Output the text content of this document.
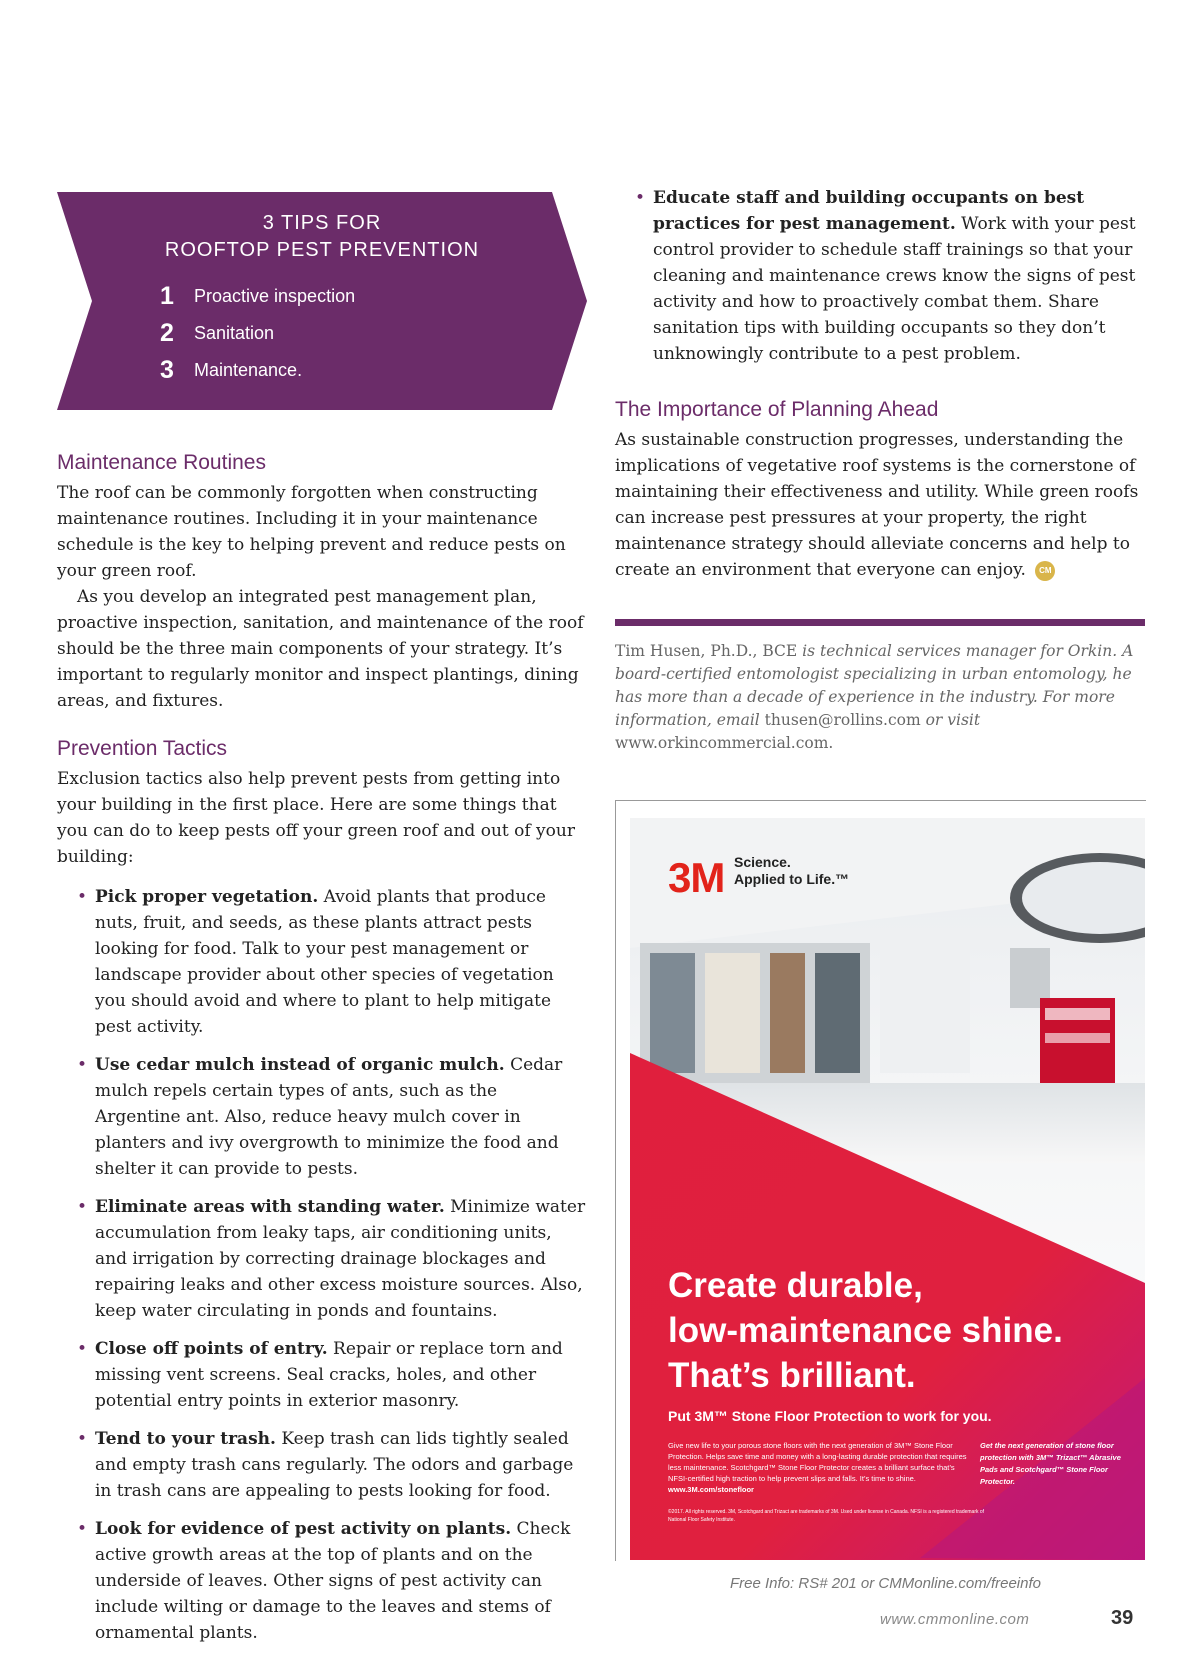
3 TIPS FOR
ROOFTOP PEST PREVENTION
1	Proactive inspection
2	Sanitation
3	Maintenance.
Maintenance Routines

The roof can be commonly forgotten when constructing maintenance routines. Including it in your maintenance schedule is the key to helping prevent and reduce pests on your green roof.

As you develop an integrated pest management plan, proactive inspection, sanitation, and maintenance of the roof should be the three main components of your strategy. It’s important to regularly monitor and inspect plantings, dining areas, and fixtures.

Prevention Tactics

Exclusion tactics also help prevent pests from getting into your building in the first place. Here are some things that you can do to keep pests off your green roof and out of your building:

• Pick proper vegetation. Avoid plants that produce nuts, fruit, and seeds, as these plants attract pests looking for food. Talk to your pest management or landscape provider about other species of vegetation you should avoid and where to plant to help mitigate pest activity.
• Use cedar mulch instead of organic mulch. Cedar mulch repels certain types of ants, such as the Argentine ant. Also, reduce heavy mulch cover in planters and ivy overgrowth to minimize the food and shelter it can provide to pests.
• Eliminate areas with standing water. Minimize water accumulation from leaky taps, air conditioning units, and irrigation by correcting drainage blockages and repairing leaks and other excess moisture sources. Also, keep water circulating in ponds and fountains.
• Close off points of entry. Repair or replace torn and missing vent screens. Seal cracks, holes, and other potential entry points in exterior masonry.
• Tend to your trash. Keep trash can lids tightly sealed and empty trash cans regularly. The odors and garbage in trash cans are appealing to pests looking for food.
• Look for evidence of pest activity on plants. Check active growth areas at the top of plants and on the underside of leaves. Other signs of pest activity can include wilting or damage to the leaves and stems of ornamental plants.
• Educate staff and building occupants on best practices for pest management. Work with your pest control provider to schedule staff trainings so that your cleaning and maintenance crews know the signs of pest activity and how to proactively combat them. Share sanitation tips with building occupants so they don’t unknowingly contribute to a pest problem.
The Importance of Planning Ahead

As sustainable construction progresses, understanding the implications of vegetative roof systems is the cornerstone of maintaining their effectiveness and utility. While green roofs can increase pest pressures at your property, the right maintenance strategy should alleviate concerns and help to create an environment that everyone can enjoy. CM

Tim Husen, Ph.D., BCE is technical services manager for Orkin. A board-certified entomologist specializing in urban entomology, he has more than a decade of experience in the industry. For more information, email thusen@rollins.com or visit www.orkincommercial.com.

3M Science.
Applied to Life.™
Create durable,
low-maintenance shine.
That’s brilliant.
Put 3M™ Stone Floor Protection to work for you.
Give new life to your porous stone floors with the next generation of 3M™ Stone Floor Protection. Helps save time and money with a long-lasting durable protection that requires less maintenance. Scotchgard™ Stone Floor Protector creates a brilliant surface that’s NFSI-certified high traction to help prevent slips and falls. It’s time to shine. www.3M.com/stonefloor
Get the next generation of stone floor protection with 3M™ Trizact™ Abrasive Pads and Scotchgard™ Stone Floor Protector.
©2017. All rights reserved. 3M, Scotchgard and Trizact are trademarks of 3M. Used under license in Canada. NFSI is a registered trademark of National Floor Safety Institute.
Free Info: RS# 201 or CMMonline.com/freeinfo
www.cmmonline.com	39
